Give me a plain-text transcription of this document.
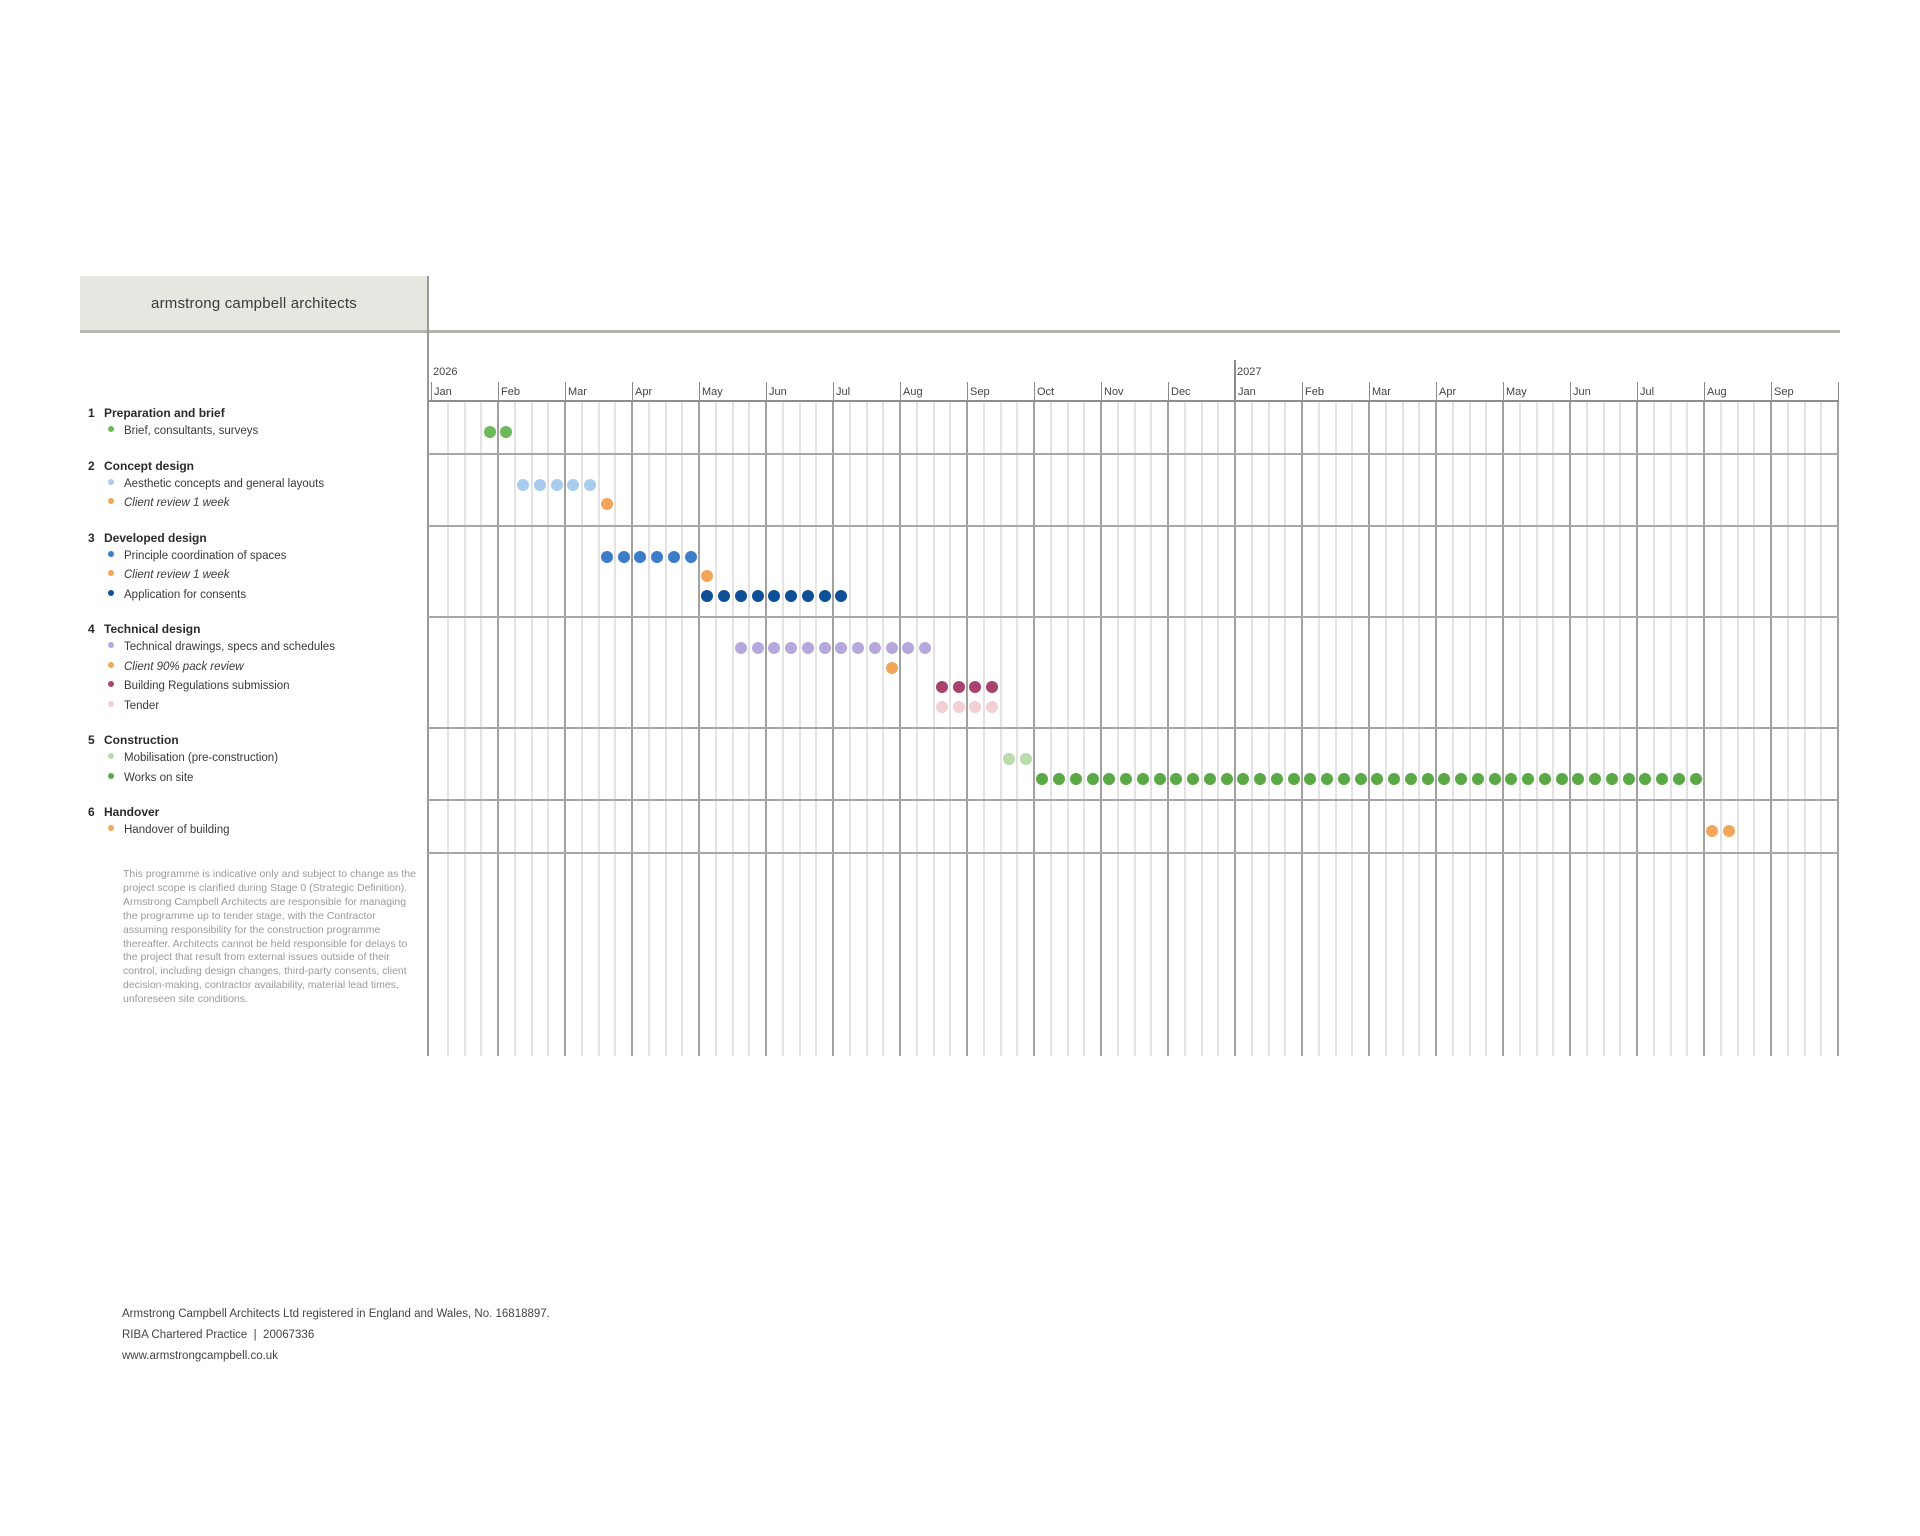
armstrong campbell architects
2026	2027
Jan	Feb	Mar	Apr	May	Jun	Jul	Aug	Sep	Oct	Nov	Dec	Jan	Feb	Mar	Apr	May	Jun	Jul	Aug	Sep
1 Preparation and brief
Brief, consultants, surveys
2 Concept design
Aesthetic concepts and general layouts
Client review 1 week
3 Developed design
Principle coordination of spaces
Client review 1 week
Application for consents
4 Technical design
Technical drawings, specs and schedules
Client 90% pack review
Building Regulations submission
Tender
5 Construction
Mobilisation (pre-construction)
Works on site
6 Handover
Handover of building
This programme is indicative only and subject to change as the project scope is clarified during Stage 0 (Strategic Definition). Armstrong Campbell Architects are responsible for managing the programme up to tender stage, with the Contractor assuming responsibility for the construction programme thereafter. Architects cannot be held responsible for delays to the project that result from external issues outside of their control, including design changes, third-party consents, client decision-making, contractor availability, material lead times, unforeseen site conditions.
Armstrong Campbell Architects Ltd registered in England and Wales, No. 16818897.
RIBA Chartered Practice  |  20067336
www.armstrongcampbell.co.uk
